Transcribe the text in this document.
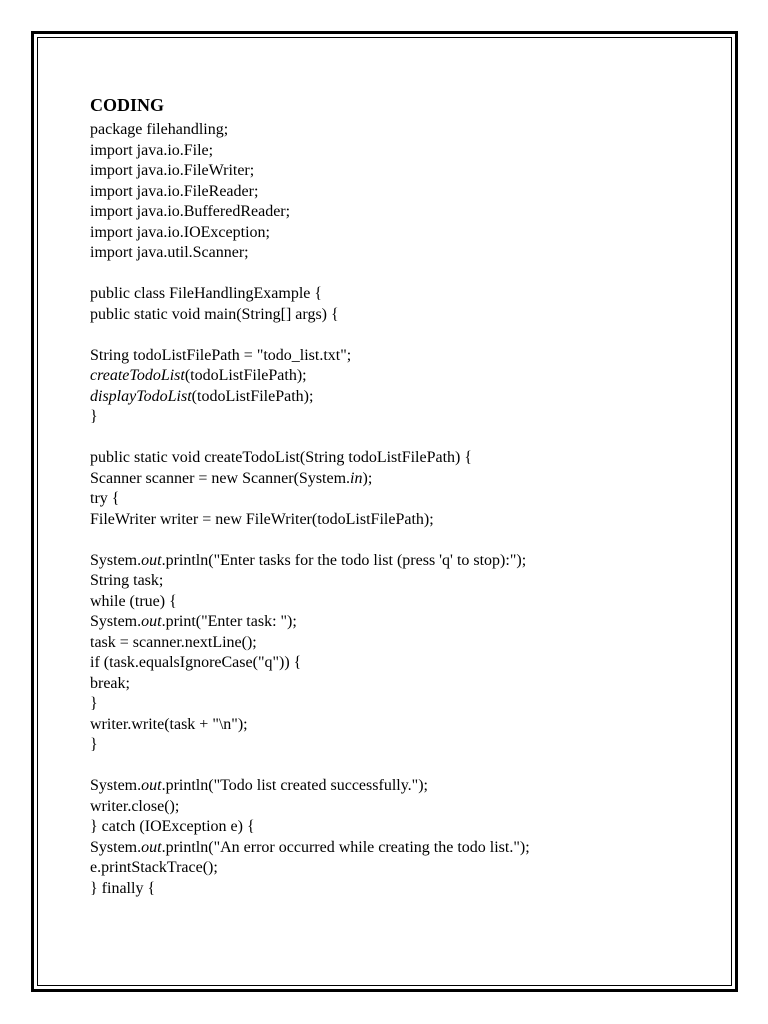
CODING
package filehandling;
import java.io.File;
import java.io.FileWriter;
import java.io.FileReader;
import java.io.BufferedReader;
import java.io.IOException;
import java.util.Scanner;
public class FileHandlingExample {
public static void main(String[] args) {
String todoListFilePath = "todo_list.txt";
createTodoList(todoListFilePath);
displayTodoList(todoListFilePath);
}
public static void createTodoList(String todoListFilePath) {
Scanner scanner = new Scanner(System.in);
try {
FileWriter writer = new FileWriter(todoListFilePath);
System.out.println("Enter tasks for the todo list (press 'q' to stop):");
String task;
while (true) {
System.out.print("Enter task: ");
task = scanner.nextLine();
if (task.equalsIgnoreCase("q")) {
break;
}
writer.write(task + "\n");
}
System.out.println("Todo list created successfully.");
writer.close();
} catch (IOException e) {
System.out.println("An error occurred while creating the todo list.");
e.printStackTrace();
} finally {
